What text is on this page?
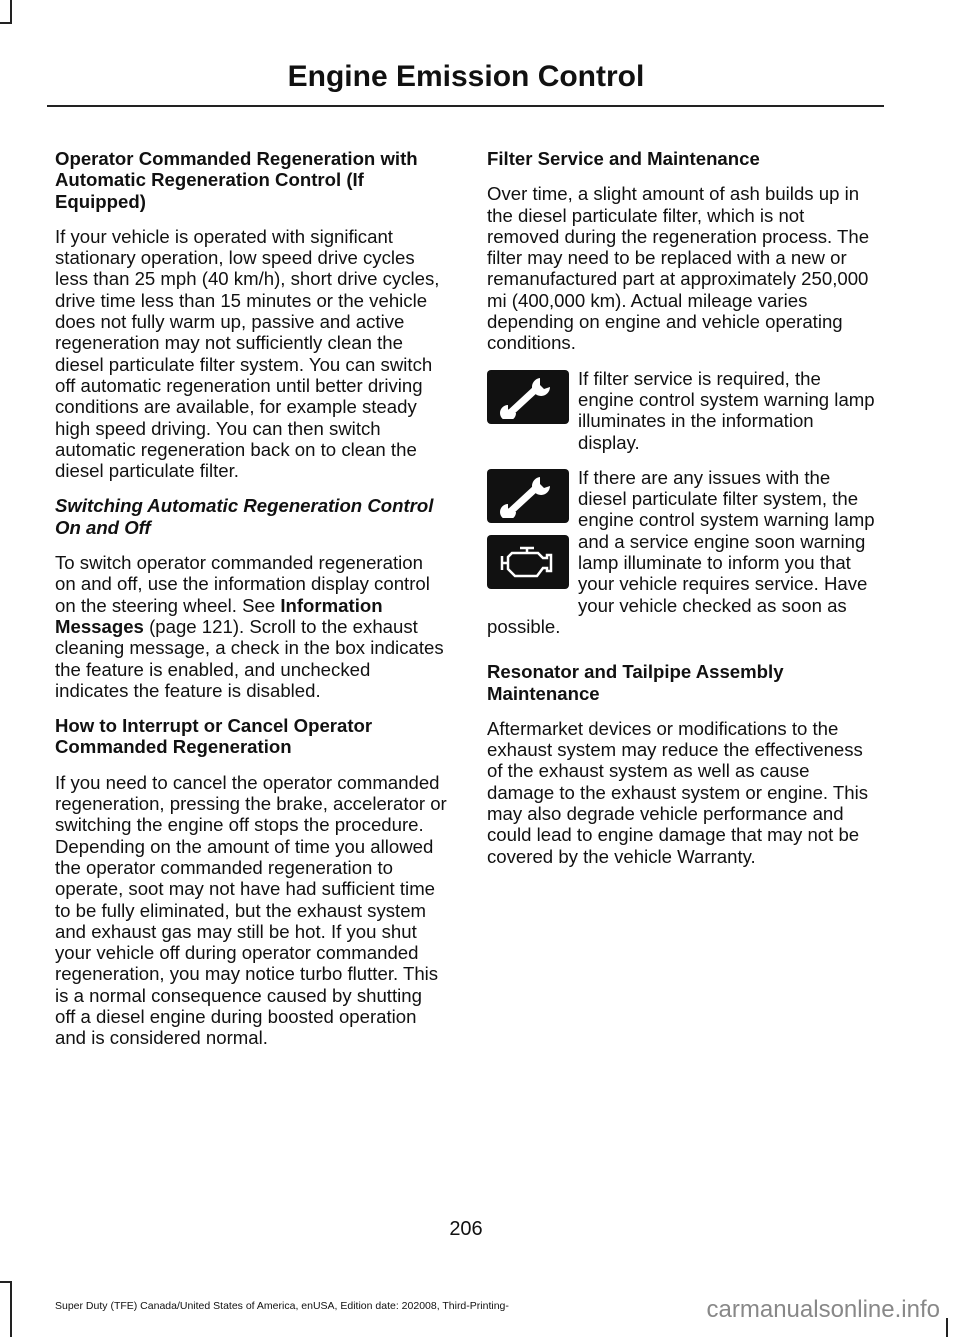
Engine Emission Control
Operator Commanded Regeneration with Automatic Regeneration Control (If Equipped)

If your vehicle is operated with significant stationary operation, low speed drive cycles less than 25 mph (40 km/h), short drive cycles, drive time less than 15 minutes or the vehicle does not fully warm up, passive and active regeneration may not sufficiently clean the diesel particulate filter system. You can switch off automatic regeneration until better driving conditions are available, for example steady high speed driving. You can then switch automatic regeneration back on to clean the diesel particulate filter.

Switching Automatic Regeneration Control On and Off

To switch operator commanded regeneration on and off, use the information display control on the steering wheel. See Information Messages (page 121). Scroll to the exhaust cleaning message, a check in the box indicates the feature is enabled, and unchecked indicates the feature is disabled.

How to Interrupt or Cancel Operator Commanded Regeneration

If you need to cancel the operator commanded regeneration, pressing the brake, accelerator or switching the engine off stops the procedure. Depending on the amount of time you allowed the operator commanded regeneration to operate, soot may not have had sufficient time to be fully eliminated, but the exhaust system and exhaust gas may still be hot. If you shut your vehicle off during operator commanded regeneration, you may notice turbo flutter. This is a normal consequence caused by shutting off a diesel engine during boosted operation and is considered normal.

Filter Service and Maintenance

Over time, a slight amount of ash builds up in the diesel particulate filter, which is not removed during the regeneration process. The filter may need to be replaced with a new or remanufactured part at approximately 250,000 mi (400,000 km). Actual mileage varies depending on engine and vehicle operating conditions.

If filter service is required, the engine control system warning lamp illuminates in the information display.

If there are any issues with the diesel particulate filter system, the engine control system warning lamp and a service engine soon warning lamp illuminate to inform you that your vehicle requires service. Have your vehicle checked as soon as possible.

Resonator and Tailpipe Assembly Maintenance

Aftermarket devices or modifications to the exhaust system may reduce the effectiveness of the exhaust system as well as cause damage to the exhaust system or engine. This may also degrade vehicle performance and could lead to engine damage that may not be covered by the vehicle Warranty.

206
Super Duty (TFE) Canada/United States of America, enUSA, Edition date: 202008, Third-Printing-	carmanualsonline.info
